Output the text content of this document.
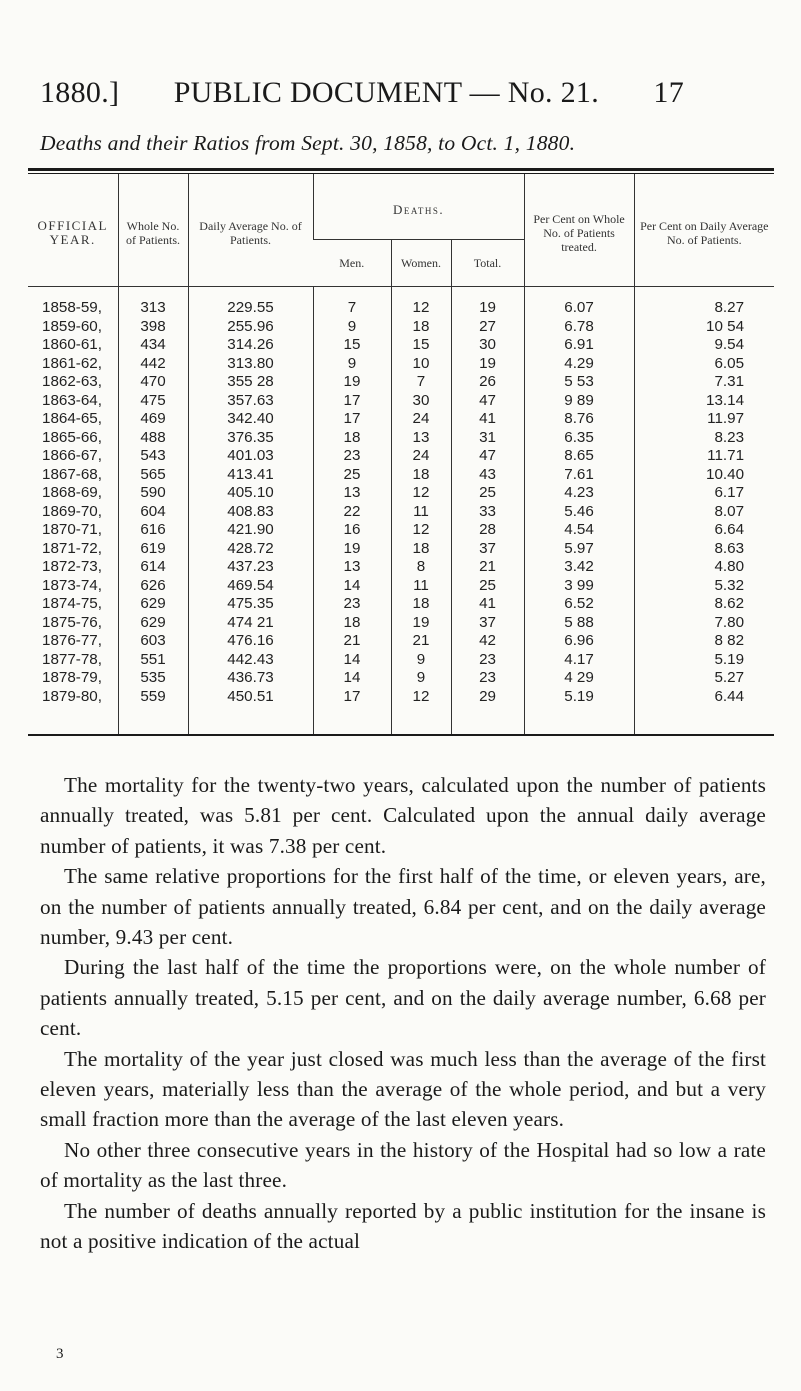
1880.] PUBLIC DOCUMENT — No. 21. 17
Deaths and their Ratios from Sept. 30, 1858, to Oct. 1, 1880.
OFFICIAL YEAR.	Whole No. of Patients.	Daily Average No. of Patients.	Deaths.			Per Cent on Whole No. of Patients treated.	Per Cent on Daily Average No. of Patients.
			Men.	Women.	Total.		
1858-59,	313	229.55	7	12	19	6.07	8.27
1859-60,	398	255.96	9	18	27	6.78	10 54
1860-61,	434	314.26	15	15	30	6.91	9.54
1861-62,	442	313.80	9	10	19	4.29	6.05
1862-63,	470	355 28	19	7	26	5 53	7.31
1863-64,	475	357.63	17	30	47	9 89	13.14
1864-65,	469	342.40	17	24	41	8.76	11.97
1865-66,	488	376.35	18	13	31	6.35	8.23
1866-67,	543	401.03	23	24	47	8.65	11.71
1867-68,	565	413.41	25	18	43	7.61	10.40
1868-69,	590	405.10	13	12	25	4.23	6.17
1869-70,	604	408.83	22	11	33	5.46	8.07
1870-71,	616	421.90	16	12	28	4.54	6.64
1871-72,	619	428.72	19	18	37	5.97	8.63
1872-73,	614	437.23	13	8	21	3.42	4.80
1873-74,	626	469.54	14	11	25	3 99	5.32
1874-75,	629	475.35	23	18	41	6.52	8.62
1875-76,	629	474 21	18	19	37	5 88	7.80
1876-77,	603	476.16	21	21	42	6.96	8 82
1877-78,	551	442.43	14	9	23	4.17	5.19
1878-79,	535	436.73	14	9	23	4 29	5.27
1879-80,	559	450.51	17	12	29	5.19	6.44

The mortality for the twenty-two years, calculated upon the number of patients annually treated, was 5.81 per cent. Calculated upon the annual daily average number of patients, it was 7.38 per cent.

The same relative proportions for the first half of the time, or eleven years, are, on the number of patients annually treated, 6.84 per cent, and on the daily average number, 9.43 per cent.

During the last half of the time the proportions were, on the whole number of patients annually treated, 5.15 per cent, and on the daily average number, 6.68 per cent.

The mortality of the year just closed was much less than the average of the first eleven years, materially less than the average of the whole period, and but a very small fraction more than the average of the last eleven years.

No other three consecutive years in the history of the Hospital had so low a rate of mortality as the last three.

The number of deaths annually reported by a public institution for the insane is not a positive indication of the actual

3
